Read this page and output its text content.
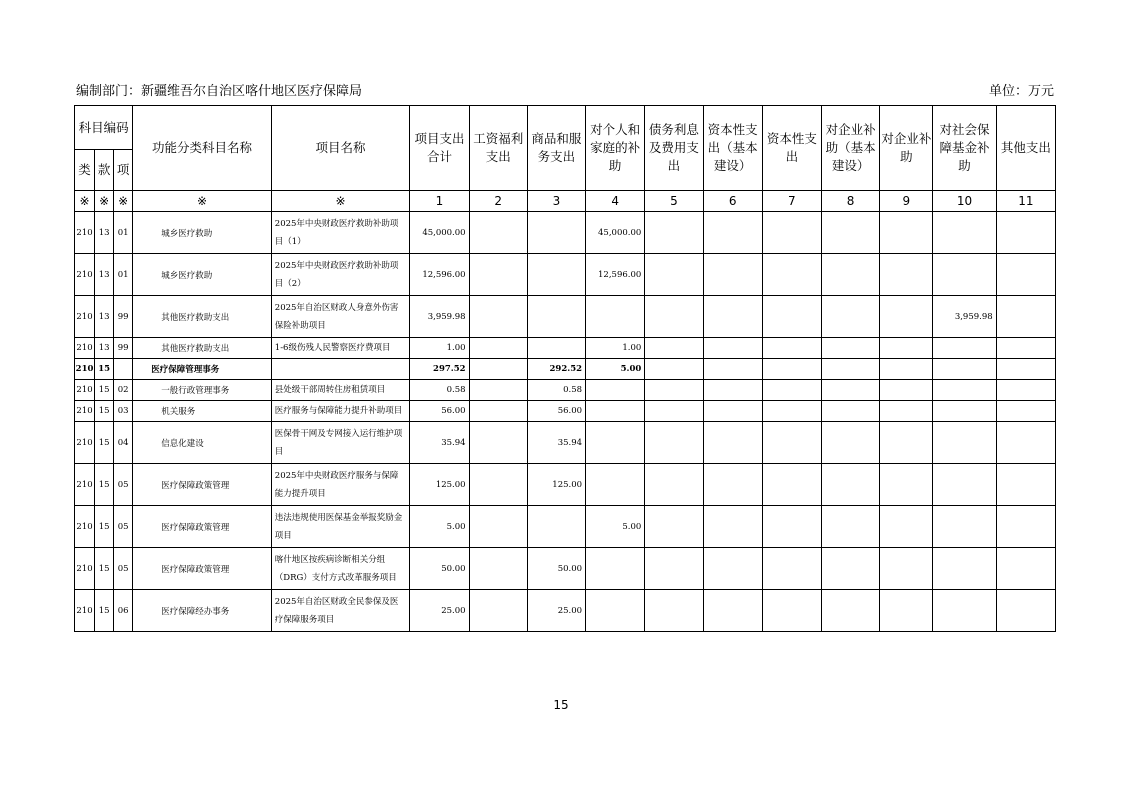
编制部门：新疆维吾尔自治区喀什地区医疗保障局	单位：万元
科目编码			功能分类科目名称	项目名称	项目支出合计	工资福利支出	商品和服务支出	对个人和家庭的补助	债务利息及费用支出	资本性支出（基本建设）	资本性支出	对企业补助（基本建设）	对企业补助	对社会保障基金补助	其他支出
类	款	项													
※	※	※	※	※	1	2	3	4	5	6	7	8	9	10	11
210	13	01	城乡医疗救助	2025年中央财政医疗救助补助项目（1）	45,000.00			45,000.00							
210	13	01	城乡医疗救助	2025年中央财政医疗救助补助项目（2）	12,596.00			12,596.00							
210	13	99	其他医疗救助支出	2025年自治区财政人身意外伤害保险补助项目	3,959.98									3,959.98	
210	13	99	其他医疗救助支出	1-6级伤残人民警察医疗费项目	1.00			1.00							
210	15		医疗保障管理事务		297.52		292.52	5.00							
210	15	02	一般行政管理事务	县处级干部周转住房租赁项目	0.58		0.58								
210	15	03	机关服务	医疗服务与保障能力提升补助项目	56.00		56.00								
210	15	04	信息化建设	医保骨干网及专网接入运行维护项目	35.94		35.94								
210	15	05	医疗保障政策管理	2025年中央财政医疗服务与保障能力提升项目	125.00		125.00								
210	15	05	医疗保障政策管理	违法违规使用医保基金举报奖励金项目	5.00			5.00							
210	15	05	医疗保障政策管理	喀什地区按疾病诊断相关分组（DRG）支付方式改革服务项目	50.00		50.00								
210	15	06	医疗保障经办事务	2025年自治区财政全民参保及医疗保障服务项目	25.00		25.00								
15
